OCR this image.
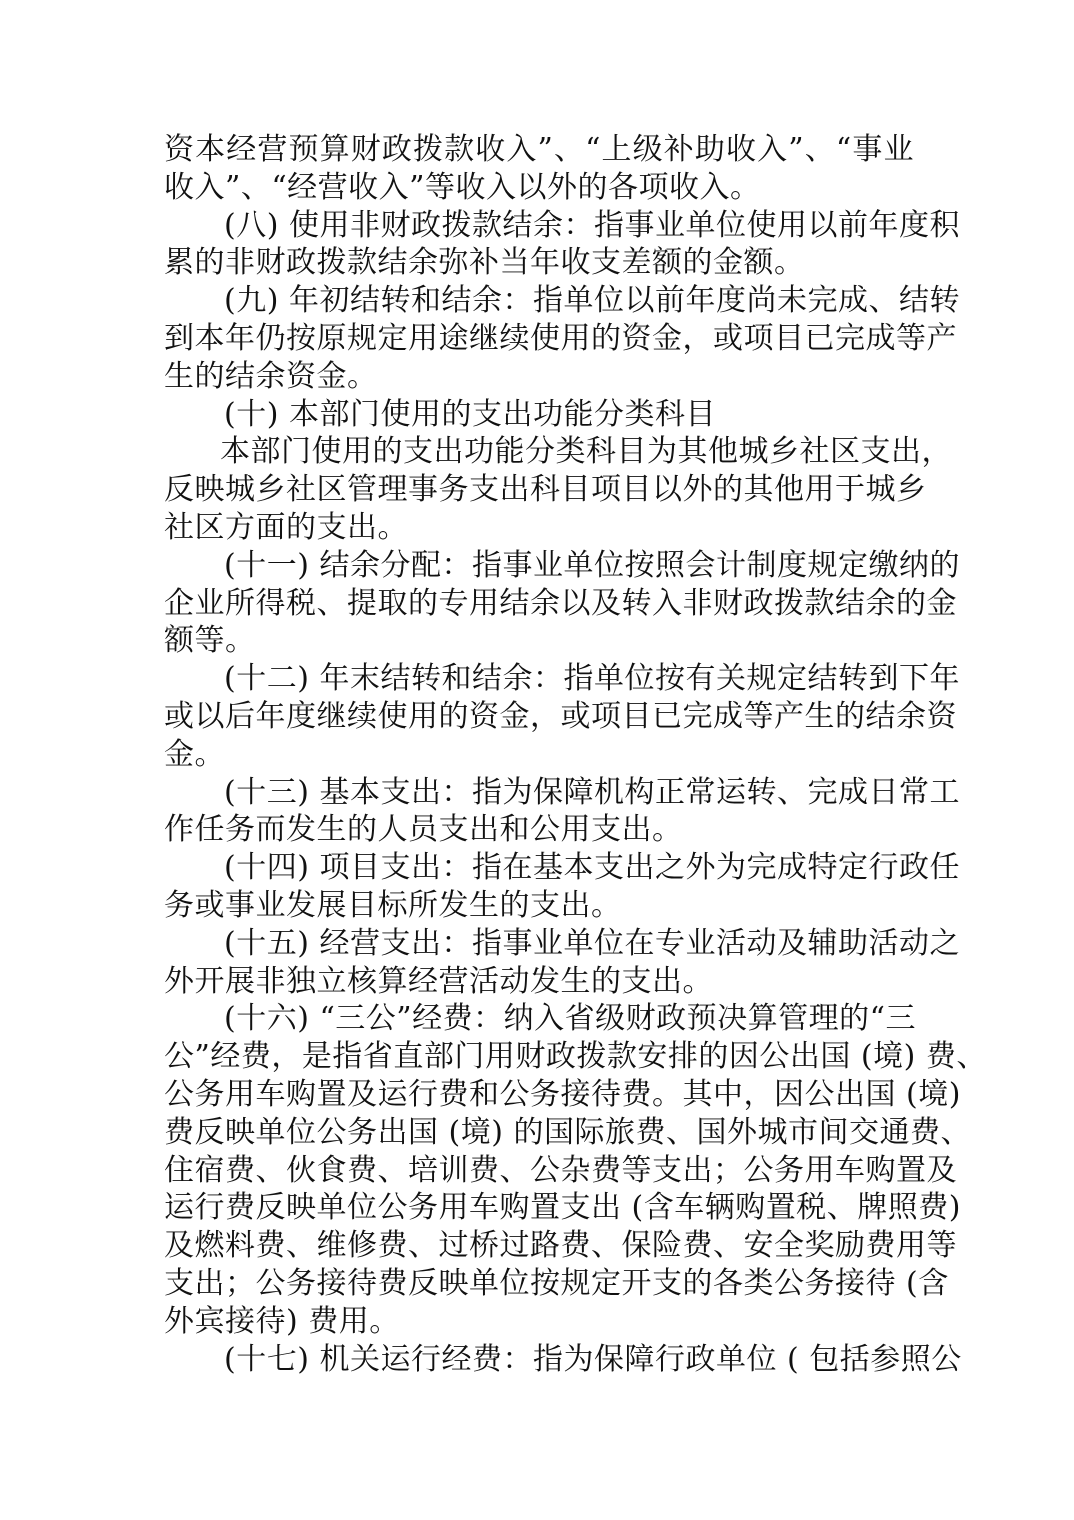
资本经营预算财政拨款收入”、“上级补助收入”、“事业
收入”、“经营收入”等收入以外的各项收入。
(八) 使用非财政拨款结余：指事业单位使用以前年度积
累的非财政拨款结余弥补当年收支差额的金额。
(九) 年初结转和结余：指单位以前年度尚未完成、结转
到本年仍按原规定用途继续使用的资金，或项目已完成等产
生的结余资金。
(十) 本部门使用的支出功能分类科目
本部门使用的支出功能分类科目为其他城乡社区支出，
反映城乡社区管理事务支出科目项目以外的其他用于城乡
社区方面的支出。
(十一) 结余分配：指事业单位按照会计制度规定缴纳的
企业所得税、提取的专用结余以及转入非财政拨款结余的金
额等。
(十二) 年末结转和结余：指单位按有关规定结转到下年
或以后年度继续使用的资金，或项目已完成等产生的结余资
金。
(十三) 基本支出：指为保障机构正常运转、完成日常工
作任务而发生的人员支出和公用支出。
(十四) 项目支出：指在基本支出之外为完成特定行政任
务或事业发展目标所发生的支出。
(十五) 经营支出：指事业单位在专业活动及辅助活动之
外开展非独立核算经营活动发生的支出。
(十六) “三公”经费：纳入省级财政预决算管理的“三
公”经费，是指省直部门用财政拨款安排的因公出国 (境) 费、
公务用车购置及运行费和公务接待费。其中，因公出国 (境)
费反映单位公务出国 (境) 的国际旅费、国外城市间交通费、
住宿费、伙食费、培训费、公杂费等支出；公务用车购置及
运行费反映单位公务用车购置支出 (含车辆购置税、牌照费)
及燃料费、维修费、过桥过路费、保险费、安全奖励费用等
支出；公务接待费反映单位按规定开支的各类公务接待 (含
外宾接待) 费用。
(十七) 机关运行经费：指为保障行政单位 ( 包括参照公
